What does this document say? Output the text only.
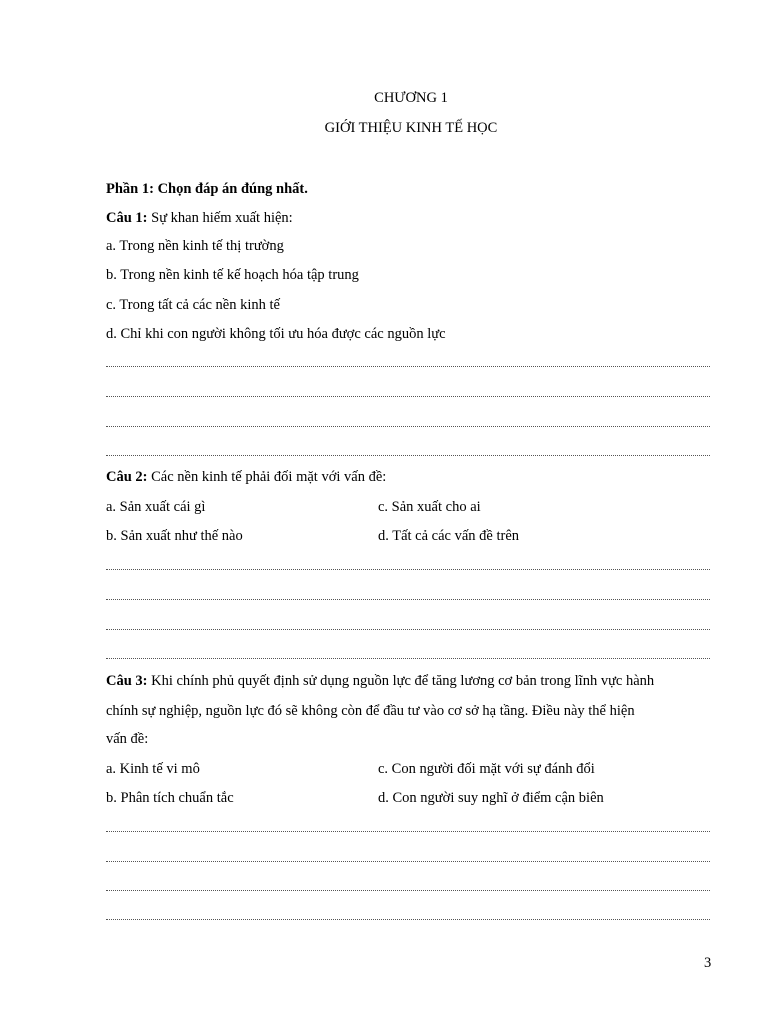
CHƯƠNG 1
GIỚI THIỆU KINH TẾ HỌC
Phần 1: Chọn đáp án đúng nhất.
Câu 1: Sự khan hiếm xuất hiện:
a. Trong nền kinh tế thị trường
b. Trong nền kinh tế kế hoạch hóa tập trung
c. Trong tất cả các nền kinh tế
d. Chỉ khi con người không tối ưu hóa được các nguồn lực
Câu 2: Các nền kinh tế phải đối mặt với vấn đề:
a. Sản xuất cái gì	c. Sản xuất cho ai
b. Sản xuất như thế nào	d. Tất cả các vấn đề trên
Câu 3: Khi chính phủ quyết định sử dụng nguồn lực để tăng lương cơ bản trong lĩnh vực hành
chính sự nghiệp, nguồn lực đó sẽ không còn để đầu tư vào cơ sở hạ tầng. Điều này thể hiện
vấn đề:
a. Kinh tế vi mô	c. Con người đối mặt với sự đánh đổi
b. Phân tích chuẩn tắc	d. Con người suy nghĩ ở điểm cận biên
3
